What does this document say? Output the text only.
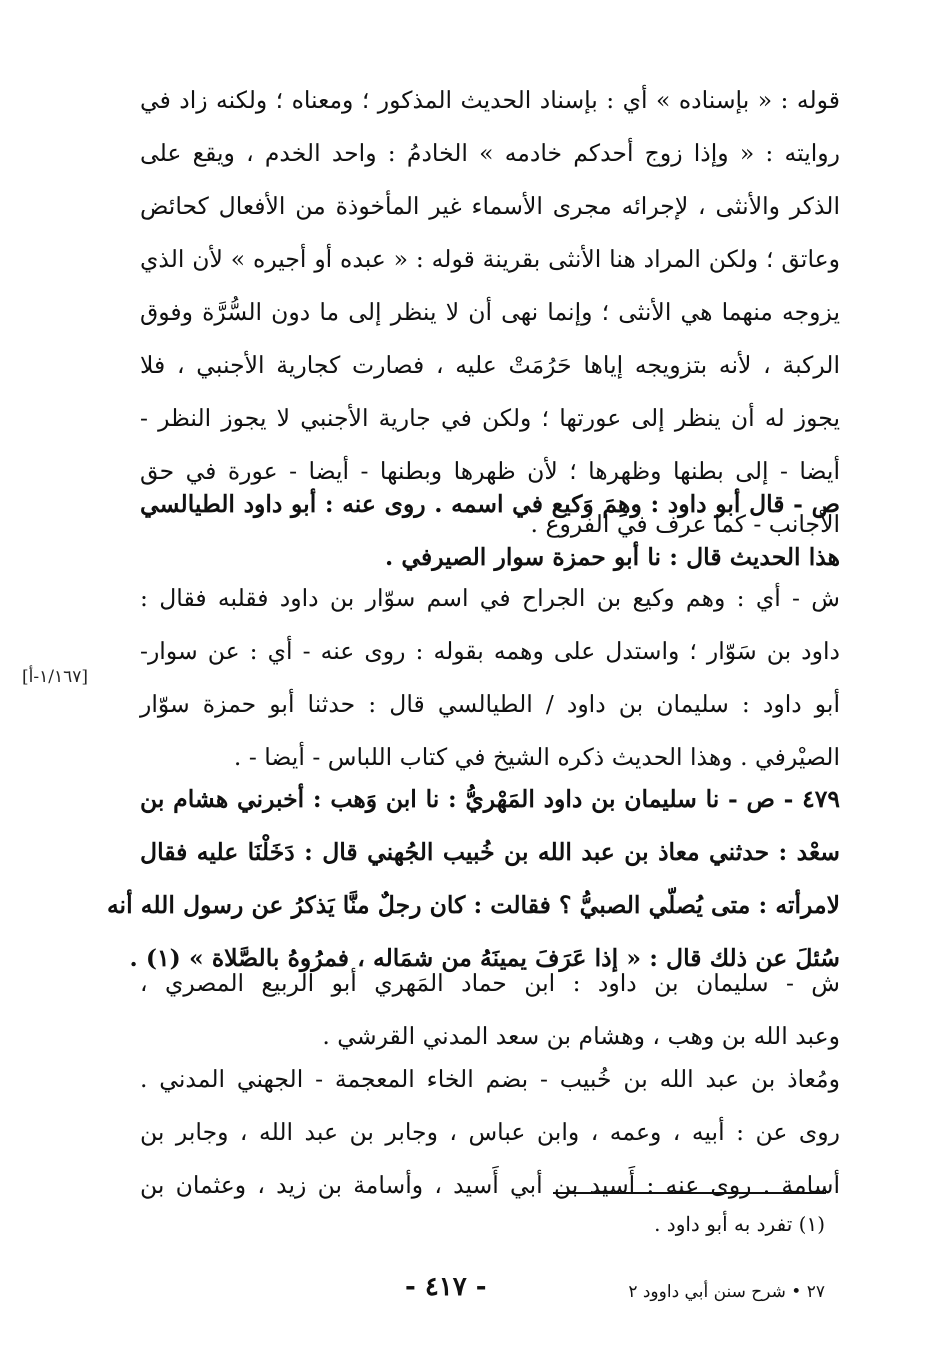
قوله : « بإسناده » أي : بإسناد الحديث المذكور ؛ ومعناه ؛ ولكنه زاد في
روايته : « وإذا زوج أحدكم خادمه » الخادمُ : واحد الخدم ، ويقع على
الذكر والأنثى ، لإجرائه مجرى الأسماء غير المأخوذة من الأفعال كحائض
وعاتق ؛ ولكن المراد هنا الأنثى بقرينة قوله : « عبده أو أجيره » لأن الذي
يزوجه منهما هي الأنثى ؛ وإنما نهى أن لا ينظر إلى ما دون السُّرَّة وفوق
الركبة ، لأنه بتزويجه إياها حَرُمَتْ عليه ، فصارت كجارية الأجنبي ، فلا
يجوز له أن ينظر إلى عورتها ؛ ولكن في جارية الأجنبي لا يجوز النظر -
أيضا - إلى بطنها وظهرها ؛ لأن ظهرها وبطنها - أيضا - عورة في حق
الأجانب - كما عرف في الفروع .
ص - قال أبو داود : وهِمَ وَكيع في اسمه . روى عنه : أبو داود الطيالسي
هذا الحديث قال : نا أبو حمزة سوار الصيرفي .
ش - أي : وهم وكيع بن الجراح في اسم سوّار بن داود فقلبه فقال :
داود بن سَوّار ؛ واستدل على وهمه بقوله : روى عنه - أي : عن سوار-
أبو داود : سليمان بن داود / الطيالسي قال : حدثنا أبو حمزة سوّار
الصيْرفي . وهذا الحديث ذكره الشيخ في كتاب اللباس - أيضا - .
[١/١٦٧-أ]
٤٧٩ - ص - نا سليمان بن داود المَهْريُّ : نا ابن وَهب : أخبرني هشام بن
سعْد : حدثني معاذ بن عبد الله بن خُبيب الجُهني قال : دَخَلْنَا عليه فقال
لامرأته : متى يُصلّي الصبيُّ ؟ فقالت : كان رجلٌ منَّا يَذكرُ عن رسول الله أنه
سُئلَ عن ذلك قال : « إذا عَرَفَ يمينَهُ من شمَاله ، فمرُوهُ بالصَّلاة » (١) .
ش - سليمان بن داود : ابن حماد المَهري أبو الربيع المصري ،
وعبد الله بن وهب ، وهشام بن سعد المدني القرشي .
ومُعاذ بن عبد الله بن خُبيب - بضم الخاء المعجمة - الجهني المدني .
روى عن : أبيه ، وعمه ، وابن عباس ، وجابر بن عبد الله ، وجابر بن
أسامة . روى عنه : أَسيد بن أبي أَسيد ، وأسامة بن زيد ، وعثمان بن
(١) تفرد به أبو داود .
- ٤١٧ -	٢٧ • شرح سنن أبي داوود ٢
